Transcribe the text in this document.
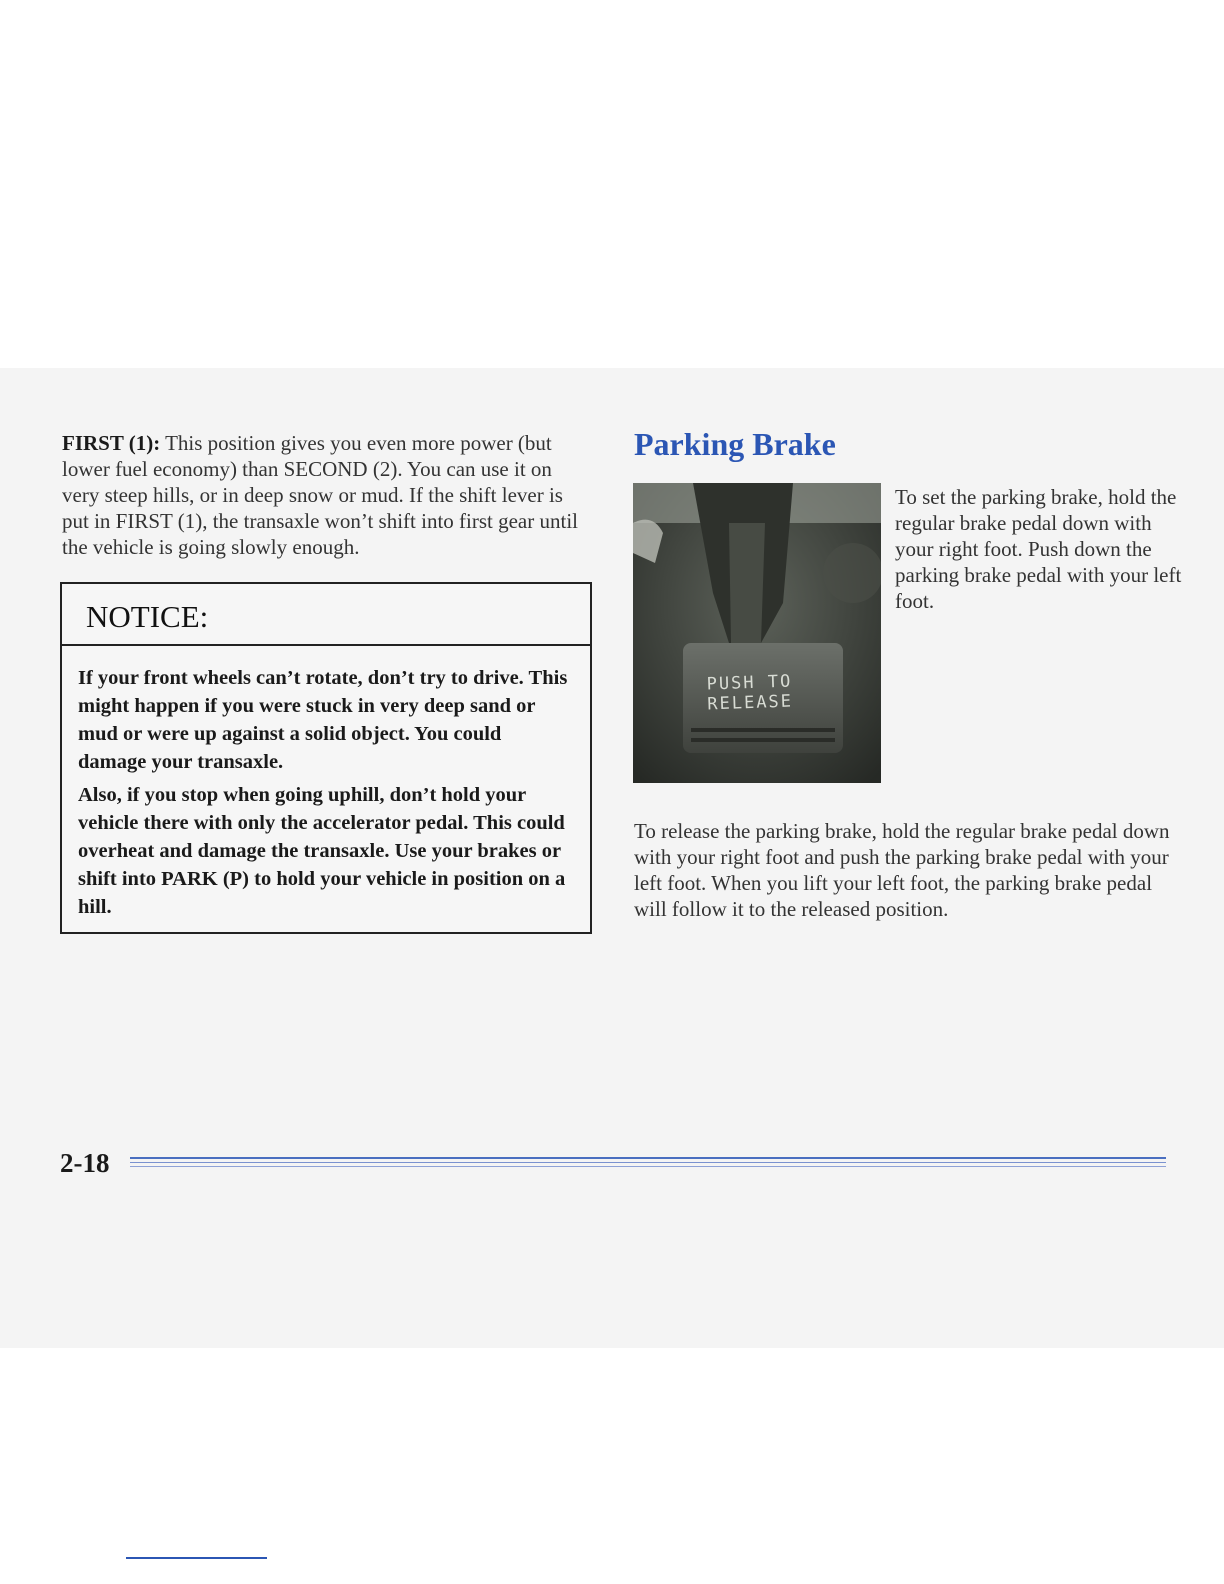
FIRST (1): This position gives you even more power (but lower fuel economy) than SECOND (2). You can use it on very steep hills, or in deep snow or mud. If the shift lever is put in FIRST (1), the transaxle won’t shift into first gear until the vehicle is going slowly enough.

NOTICE:

If your front wheels can’t rotate, don’t try to drive. This might happen if you were stuck in very deep sand or mud or were up against a solid object. You could damage your transaxle.

Also, if you stop when going uphill, don’t hold your vehicle there with only the accelerator pedal. This could overheat and damage the transaxle. Use your brakes or shift into PARK (P) to hold your vehicle in position on a hill.

Parking Brake
PUSH TO
RELEASE

To set the parking brake, hold the regular brake pedal down with your right foot. Push down the parking brake pedal with your left foot.

To release the parking brake, hold the regular brake pedal down with your right foot and push the parking brake pedal with your left foot. When you lift your left foot, the parking brake pedal will follow it to the released position.

2-18
